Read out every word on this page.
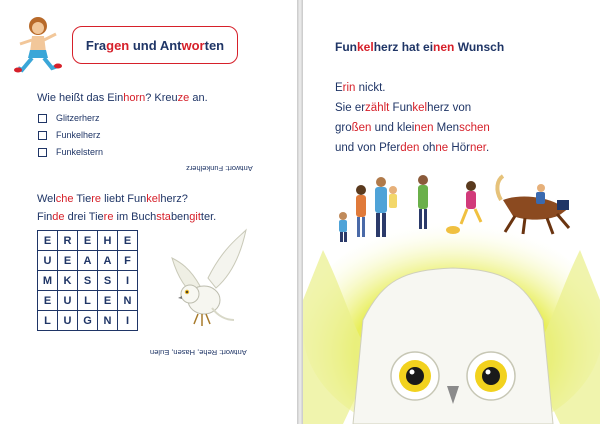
Fragen und Antworten
Wie heißt das Einhorn? Kreuze an.
Glitzerherz
Funkelherz
Funkelstern
Antwort: Funkelherz
Welche Tiere liebt Funkelherz?
Finde drei Tiere im Buchstabengitter.
E	R	E	H	E
U	E	A	A	F
M	K	S	S	I
E	U	L	E	N
L	U	G	N	I
Antwort: Rehe, Hasen, Eulen
Funkelherz hat einen Wunsch
Erin nickt.
Sie erzählt Funkelherz von
großen und kleinen Menschen
und von Pferden ohne Hörner.
